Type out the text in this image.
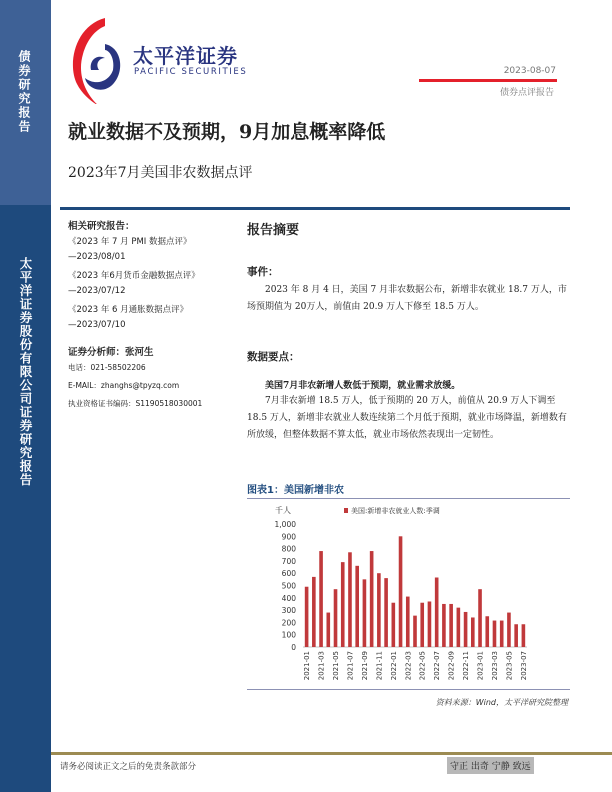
债券研究报告
太平洋证券股份有限公司证券研究报告
太平洋证券
PACIFIC SECURITIES	2023-08-07
债券点评报告
就业数据不及预期，9月加息概率降低
2023年7月美国非农数据点评
相关研究报告：
《2023 年 7 月 PMI 数据点评》
—2023/08/01
《2023 年6月货币金融数据点评》
—2023/07/12
《2023 年 6 月通胀数据点评》
—2023/07/10
证券分析师：张河生
电话：021-58502206
E-MAIL：zhanghs@tpyzq.com
执业资格证书编码：S1190518030001
报告摘要
事件：
2023 年 8 月 4 日，美国 7 月非农数据公布，新增非农就业 18.7 万人，市场预期值为 20万人，前值由 20.9 万人下修至 18.5 万人。
数据要点：
美国7月非农新增人数低于预期，就业需求放缓。
7月非农新增 18.5 万人，低于预期的 20 万人，前值从 20.9 万人下调至 18.5 万人，新增非农就业人数连续第二个月低于预期，就业市场降温，新增数有所放缓，但整体数据不算太低，就业市场依然表现出一定韧性。
图表1：美国新增非农
千人	美国:新增非农就业人数:季调
0
100
200
300
400
500
600
700
800
900
1,000
2021-01 2021-03 2021-05 2021-07 2021-09 2021-11 2022-01 2022-03 2022-05 2022-07 2022-09 2022-11 2023-01 2023-03 2023-05 2023-07
资料来源：Wind，太平洋研究院整理
请务必阅读正文之后的免责条款部分	守正 出奇 宁静 致远
